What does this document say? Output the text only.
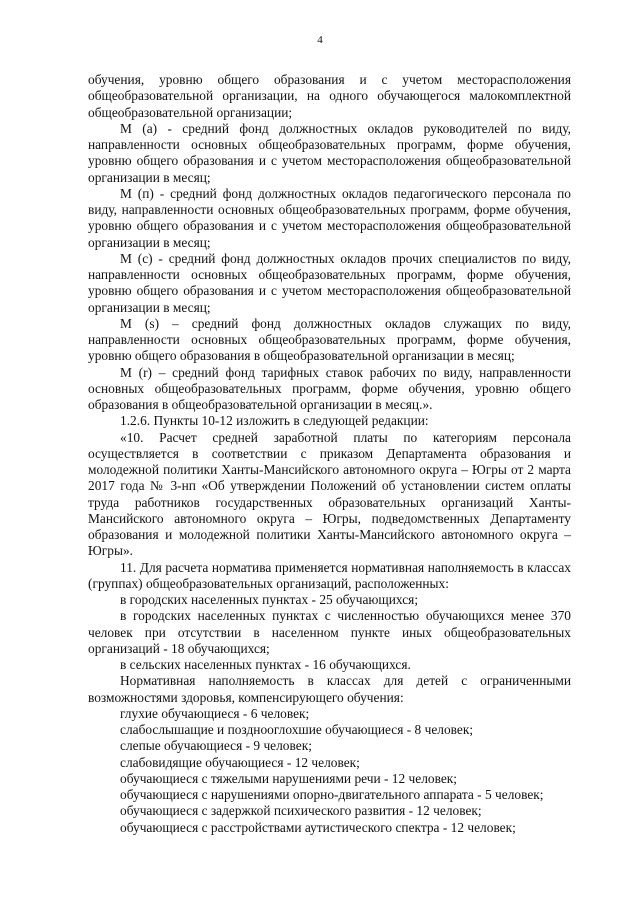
4

обучения, уровню общего образования и с учетом месторасположения общеобразовательной организации, на одного обучающегося малокомплектной общеобразовательной организации;

М (а) - средний фонд должностных окладов руководителей по виду, направленности основных общеобразовательных программ, форме обучения, уровню общего образования и с учетом месторасположения общеобразовательной организации в месяц;

М (п) - средний фонд должностных окладов педагогического персонала по виду, направленности основных общеобразовательных программ, форме обучения, уровню общего образования и с учетом месторасположения общеобразовательной организации в месяц;

М (с) - средний фонд должностных окладов прочих специалистов по виду, направленности основных общеобразовательных программ, форме обучения, уровню общего образования и с учетом месторасположения общеобразовательной организации в месяц;

М (s) – средний фонд должностных окладов служащих по виду, направленности основных общеобразовательных программ, форме обучения, уровню общего образования в общеобразовательной организации в месяц;

М (r) – средний фонд тарифных ставок рабочих по виду, направленности основных общеобразовательных программ, форме обучения, уровню общего образования в общеобразовательной организации в месяц.».

1.2.6. Пункты 10-12 изложить в следующей редакции:

«10. Расчет средней заработной платы по категориям персонала осуществляется в соответствии с приказом Департамента образования и молодежной политики Ханты-Мансийского автономного округа – Югры от 2 марта 2017 года № 3-нп «Об утверждении Положений об установлении систем оплаты труда работников государственных образовательных организаций Ханты-Мансийского автономного округа – Югры, подведомственных Департаменту образования и молодежной политики Ханты-Мансийского автономного округа – Югры».

11. Для расчета норматива применяется нормативная наполняемость в классах (группах) общеобразовательных организаций, расположенных:

в городских населенных пунктах - 25 обучающихся;

в городских населенных пунктах с численностью обучающихся менее 370 человек при отсутствии в населенном пункте иных общеобразовательных организаций - 18 обучающихся;

в сельских населенных пунктах - 16 обучающихся.

Нормативная наполняемость в классах для детей с ограниченными возможностями здоровья, компенсирующего обучения:

глухие обучающиеся - 6 человек;

слабослышащие и позднооглохшие обучающиеся - 8 человек;

слепые обучающиеся - 9 человек;

слабовидящие обучающиеся - 12 человек;

обучающиеся с тяжелыми нарушениями речи - 12 человек;

обучающиеся с нарушениями опорно-двигательного аппарата - 5 человек;

обучающиеся с задержкой психического развития - 12 человек;

обучающиеся с расстройствами аутистического спектра - 12 человек;
